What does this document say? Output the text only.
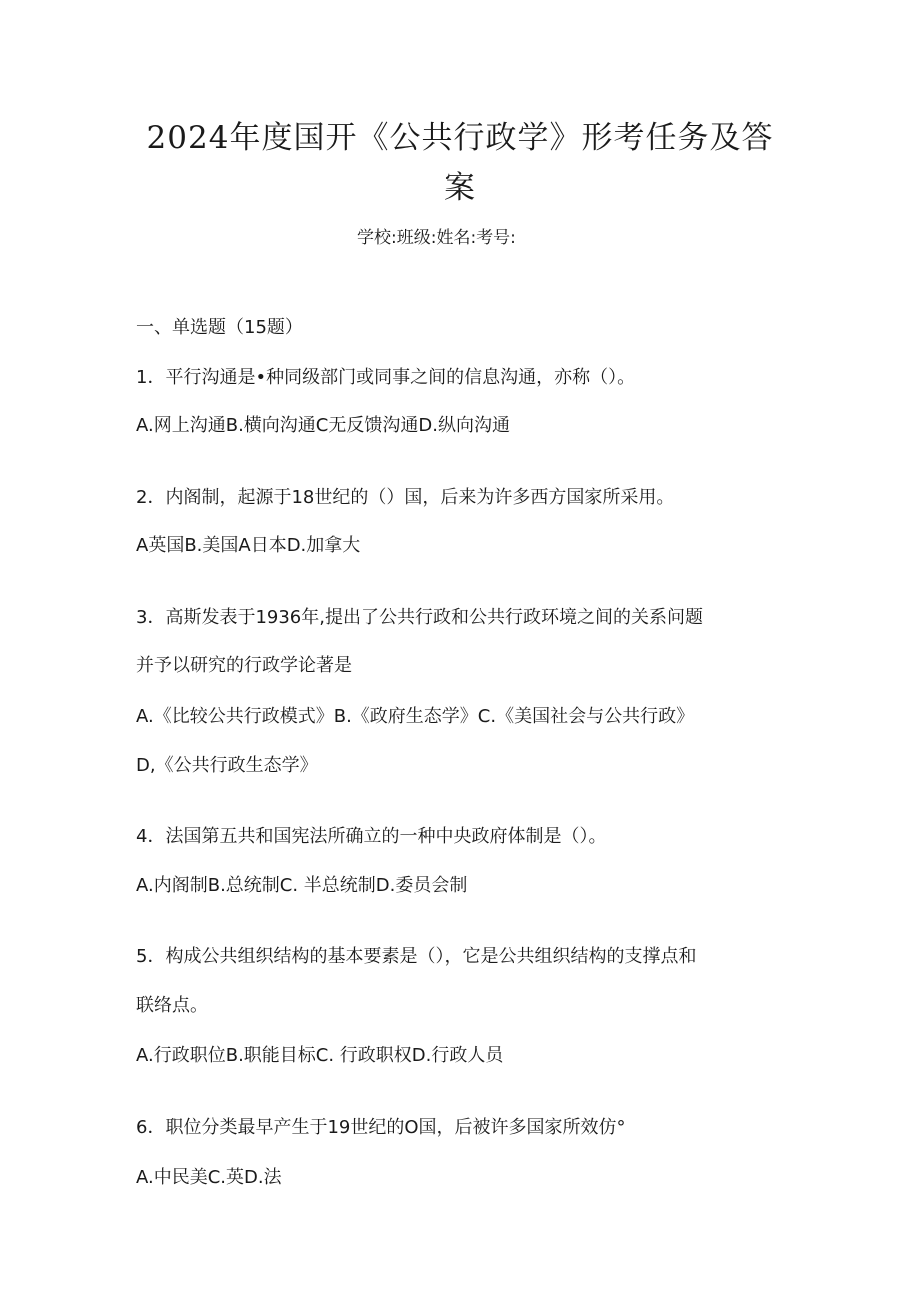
2024年度国开《公共行政学》形考任务及答
案
学校:班级:姓名:考号:
一、单选题（15题）
1．平行沟通是•种同级部门或同事之间的信息沟通，亦称（）。
A.网上沟通B.横向沟通C无反馈沟通D.纵向沟通
2．内阁制，起源于18世纪的（）国，后来为许多西方国家所采用。
A英国B.美国A日本D.加拿大
3．高斯发表于1936年,提出了公共行政和公共行政环境之间的关系问题
并予以研究的行政学论著是
A.《比较公共行政模式》B.《政府生态学》C.《美国社会与公共行政》
D,《公共行政生态学》
4．法国第五共和国宪法所确立的一种中央政府体制是（）。
A.内阁制B.总统制C. 半总统制D.委员会制
5．构成公共组织结构的基本要素是（），它是公共组织结构的支撑点和
联络点。
A.行政职位B.职能目标C. 行政职权D.行政人员
6．职位分类最早产生于19世纪的O国，后被许多国家所效仿°
A.中民美C.英D.法
